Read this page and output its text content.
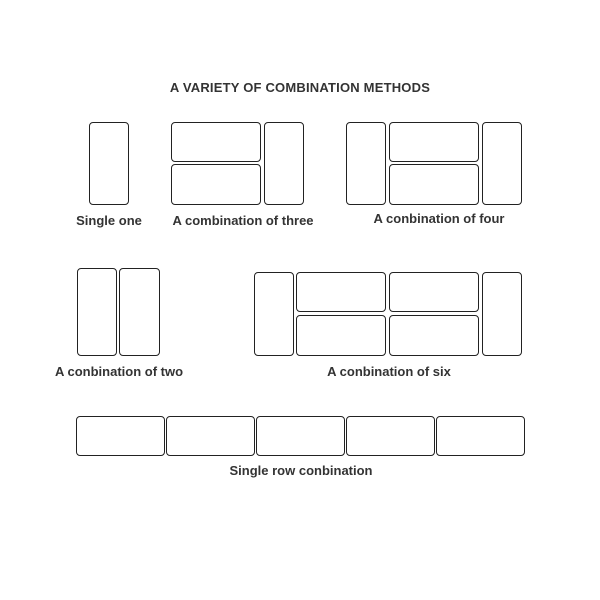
A VARIETY OF COMBINATION METHODS
Single one A combination of three	A conbination of four
A conbination of two	A conbination of six
Single row conbination
